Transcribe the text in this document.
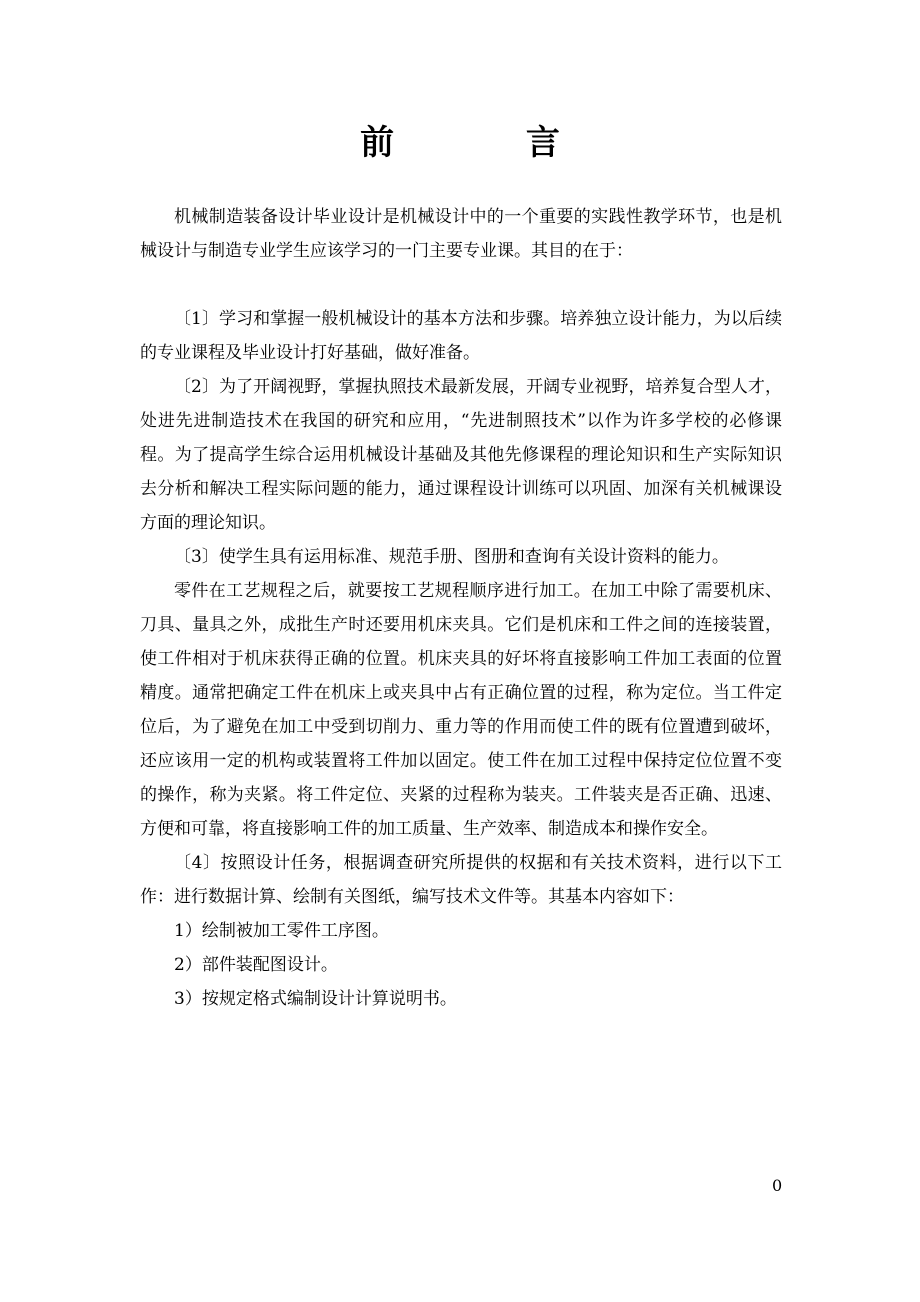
前 言

机械制造装备设计毕业设计是机械设计中的一个重要的实践性教学环节，也是机械设计与制造专业学生应该学习的一门主要专业课。其目的在于：

〔1〕学习和掌握一般机械设计的基本方法和步骤。培养独立设计能力，为以后续的专业课程及毕业设计打好基础，做好准备。

〔2〕为了开阔视野，掌握执照技术最新发展，开阔专业视野，培养复合型人才，处进先进制造技术在我国的研究和应用，“先进制照技术”以作为许多学校的必修课程。为了提高学生综合运用机械设计基础及其他先修课程的理论知识和生产实际知识去分析和解决工程实际问题的能力，通过课程设计训练可以巩固、加深有关机械课设方面的理论知识。

〔3〕使学生具有运用标准、规范手册、图册和查询有关设计资料的能力。

零件在工艺规程之后，就要按工艺规程顺序进行加工。在加工中除了需要机床、刀具、量具之外，成批生产时还要用机床夹具。它们是机床和工件之间的连接装置，使工件相对于机床获得正确的位置。机床夹具的好坏将直接影响工件加工表面的位置精度。通常把确定工件在机床上或夹具中占有正确位置的过程，称为定位。当工件定位后，为了避免在加工中受到切削力、重力等的作用而使工件的既有位置遭到破坏，还应该用一定的机构或装置将工件加以固定。使工件在加工过程中保持定位位置不变的操作，称为夹紧。将工件定位、夹紧的过程称为装夹。工件装夹是否正确、迅速、方便和可靠，将直接影响工件的加工质量、生产效率、制造成本和操作安全。

〔4〕按照设计任务，根据调查研究所提供的权据和有关技术资料，进行以下工作：进行数据计算、绘制有关图纸，编写技术文件等。其基本内容如下：

1）绘制被加工零件工序图。

2）部件装配图设计。

3）按规定格式编制设计计算说明书。

0
